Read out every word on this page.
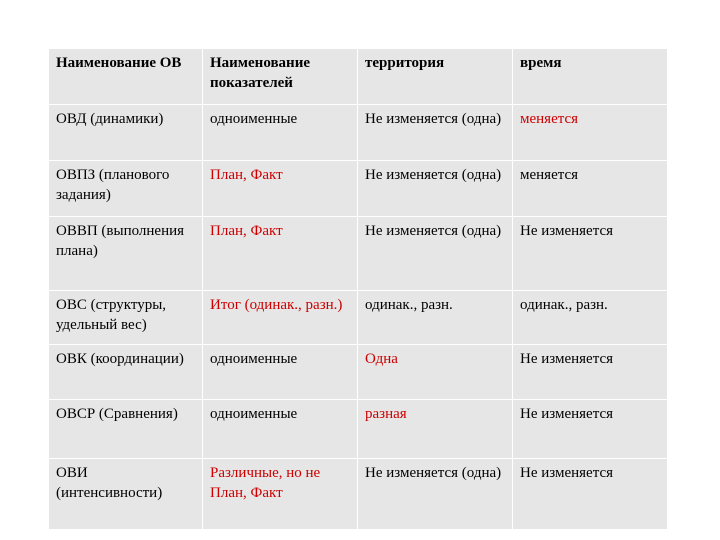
Наименование ОВ	Наименование показателей	территория	время
ОВД (динамики)	одноименные	Не изменяется (одна)	меняется
ОВПЗ (планового задания)	План, Факт	Не изменяется (одна)	меняется
ОВВП (выполнения плана)	План, Факт	Не изменяется (одна)	Не изменяется
ОВС (структуры, удельный вес)	Итог (одинак., разн.)	одинак., разн.	одинак., разн.
ОВК (координации)	одноименные	Одна	Не изменяется
ОВСР (Сравнения)	одноименные	разная	Не изменяется
ОВИ (интенсивности)	Различные, но не План, Факт	Не изменяется (одна)	Не изменяется
